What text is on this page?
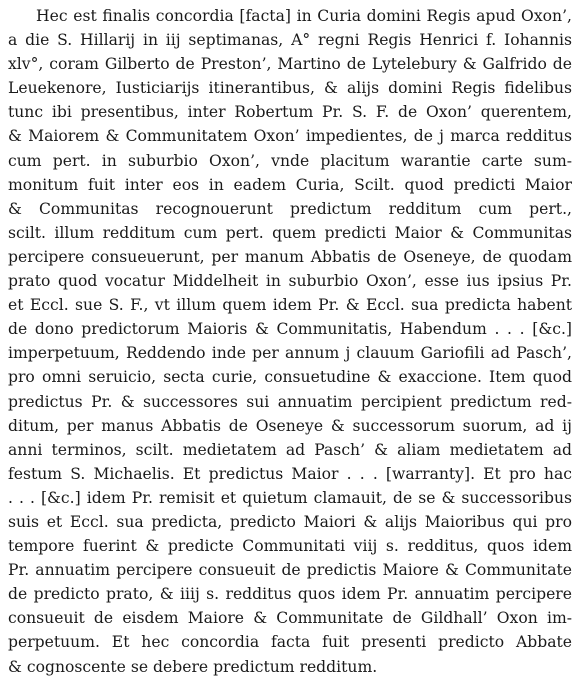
Hec est finalis concordia [facta] in Curia domini Regis apud Oxon’,
a die S. Hillarij in iij septimanas, A° regni Regis Henrici f. Iohannis
xlv°, coram Gilberto de Preston’, Martino de Lytelebury & Galfrido de
Leuekenore, Iusticiarijs itinerantibus, & alijs domini Regis fidelibus
tunc ibi presentibus, inter Robertum Pr. S. F. de Oxon’ querentem,
& Maiorem & Communitatem Oxon’ impedientes, de j marca redditus
cum pert. in suburbio Oxon’, vnde placitum warantie carte sum-
monitum fuit inter eos in eadem Curia, Scilt. quod predicti Maior
& Communitas recognouerunt predictum redditum cum pert.,
scilt. illum redditum cum pert. quem predicti Maior & Communitas
percipere consueuerunt, per manum Abbatis de Oseneye, de quodam
prato quod vocatur Middelheit in suburbio Oxon’, esse ius ipsius Pr.
et Eccl. sue S. F., vt illum quem idem Pr. & Eccl. sua predicta habent
de dono predictorum Maioris & Communitatis, Habendum . . . [&c.]
imperpetuum, Reddendo inde per annum j clauum Gariofili ad Pasch’,
pro omni seruicio, secta curie, consuetudine & exaccione. Item quod
predictus Pr. & successores sui annuatim percipient predictum red-
ditum, per manus Abbatis de Oseneye & successorum suorum, ad ij
anni terminos, scilt. medietatem ad Pasch’ & aliam medietatem ad
festum S. Michaelis. Et predictus Maior . . . [warranty]. Et pro hac
. . . [&c.] idem Pr. remisit et quietum clamauit, de se & successoribus
suis et Eccl. sua predicta, predicto Maiori & alijs Maioribus qui pro
tempore fuerint & predicte Communitati viij s. redditus, quos idem
Pr. annuatim percipere consueuit de predictis Maiore & Communitate
de predicto prato, & iiij s. redditus quos idem Pr. annuatim percipere
consueuit de eisdem Maiore & Communitate de Gildhall’ Oxon im-
perpetuum. Et hec concordia facta fuit presenti predicto Abbate
& cognoscente se debere predictum redditum.
